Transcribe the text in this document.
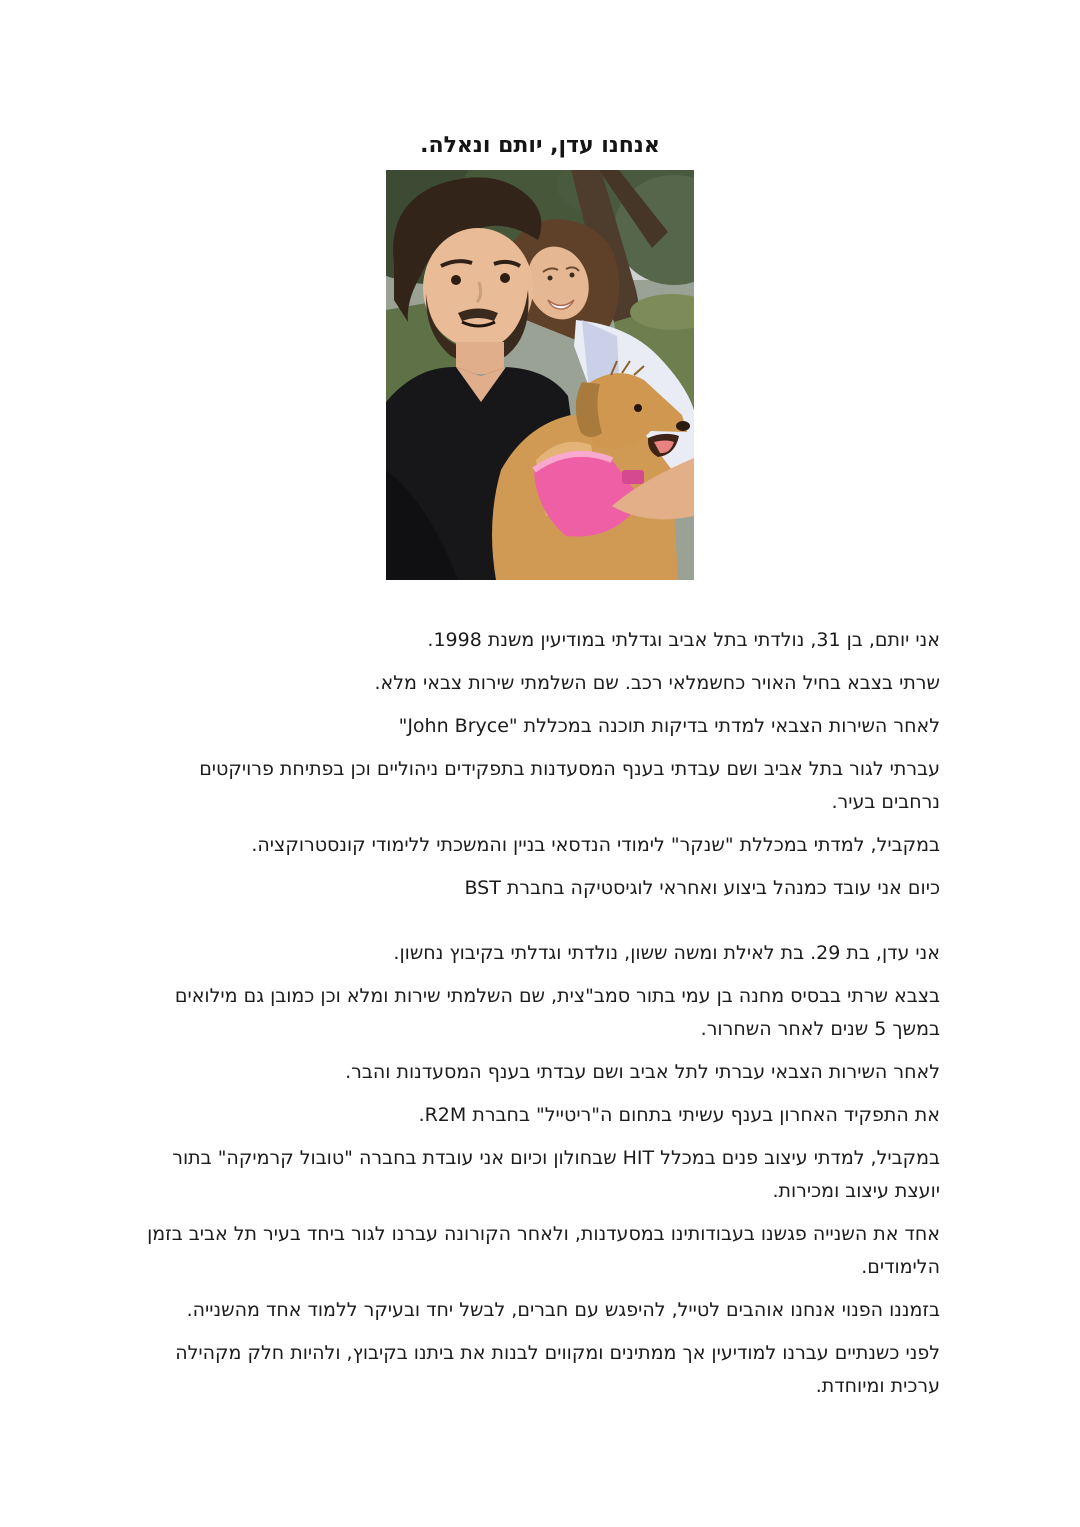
אנחנו עדן, יותם ונאלה.

אני יותם, בן 31, נולדתי בתל אביב וגדלתי במודיעין משנת 1998.

שרתי בצבא בחיל האויר כחשמלאי רכב. שם השלמתי שירות צבאי מלא.

לאחר השירות הצבאי למדתי בדיקות תוכנה במכללת "John Bryce"

עברתי לגור בתל אביב ושם עבדתי בענף המסעדנות בתפקידים ניהוליים וכן בפתיחת פרויקטים נרחבים בעיר.

במקביל, למדתי במכללת "שנקר" לימודי הנדסאי בניין והמשכתי ללימודי קונסטרוקציה.

כיום אני עובד כמנהל ביצוע ואחראי לוגיסטיקה בחברת BST

אני עדן, בת 29. בת לאילת ומשה ששון, נולדתי וגדלתי בקיבוץ נחשון.

בצבא שרתי בבסיס מחנה בן עמי בתור סמב"צית, שם השלמתי שירות ומלא וכן כמובן גם מילואים במשך 5 שנים לאחר השחרור.

לאחר השירות הצבאי עברתי לתל אביב ושם עבדתי בענף המסעדנות והבר.

את התפקיד האחרון בענף עשיתי בתחום ה"ריטייל" בחברת R2M.

במקביל, למדתי עיצוב פנים במכלל HIT שבחולון וכיום אני עובדת בחברה "טובול קרמיקה" בתור יועצת עיצוב ומכירות.

אחד את השנייה פגשנו בעבודותינו במסעדנות, ולאחר הקורונה עברנו לגור ביחד בעיר תל אביב בזמן הלימודים.

בזמננו הפנוי אנחנו אוהבים לטייל, להיפגש עם חברים, לבשל יחד ובעיקר ללמוד אחד מהשנייה.

לפני כשנתיים עברנו למודיעין אך ממתינים ומקווים לבנות את ביתנו בקיבוץ, ולהיות חלק מקהילה ערכית ומיוחדת.
